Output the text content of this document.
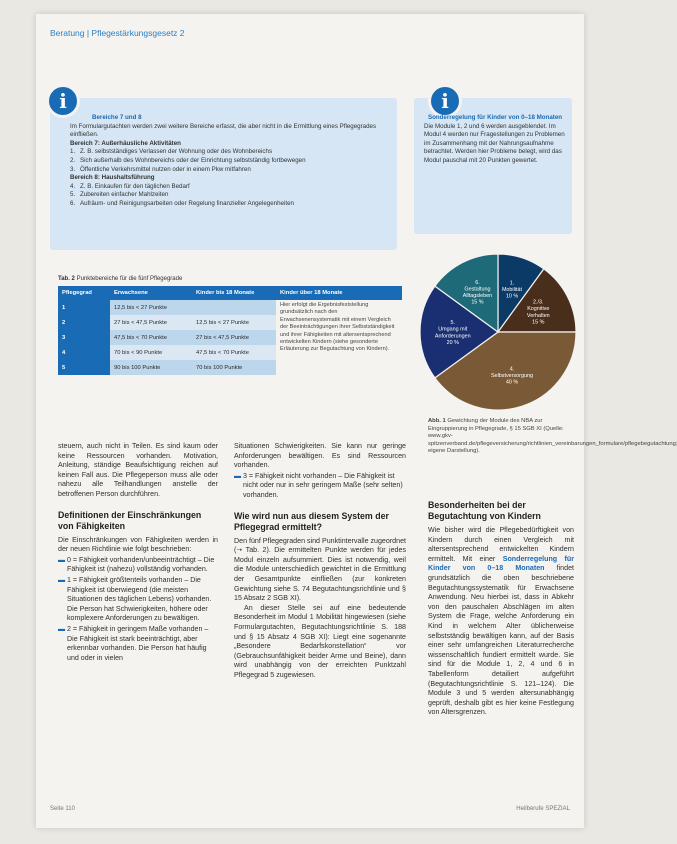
Beratung | Pflegestärkungsgesetz 2
i
Bereiche 7 und 8
Im Formulargutachten werden zwei weitere Bereiche erfasst, die aber nicht in die Ermittlung eines Pflegegrades einfließen.
Bereich 7: Außerhäusliche Aktivitäten
1. Z. B. selbstständiges Verlassen der Wohnung oder des Wohnbereichs
2. Sich außerhalb des Wohnbereichs oder der Einrichtung selbstständig fortbewegen
3. Öffentliche Verkehrsmittel nutzen oder in einem Pkw mitfahren
Bereich 8: Haushaltsführung
4. Z. B. Einkaufen für den täglichen Bedarf
5. Zubereiten einfacher Mahlzeiten
6. Aufräum- und Reinigungsarbeiten oder Regelung finanzieller Angelegenheiten
i
Sonderregelung für Kinder von 0–18 Monaten
Die Module 1, 2 und 6 werden ausgeblendet. Im Modul 4 werden nur Fragestellungen zu Problemen im Zusammenhang mit der Nahrungsaufnahme betrachtet. Werden hier Probleme belegt, wird das Modul pauschal mit 20 Punkten gewertet.
Tab. 2 Punktebereiche für die fünf Pflegegrade
Pflegegrad	Erwachsene	Kinder bis 18 Monate	Kinder über 18 Monate
1	12,5 bis < 27 Punkte		Hier erfolgt die Ergebnisfeststellung grundsätzlich nach den Erwachsenensystematik mit einem Vergleich der Beeinträchtigungen ihrer Selbstständigkeit und ihrer Fähigkeiten mit altersentsprechend entwickelten Kindern (siehe gesonderte Erläuterung zur Begutachtung von Kindern).
2	27 bis < 47,5 Punkte	12,5 bis < 27 Punkte	
3	47,5 bis < 70 Punkte	27 bis < 47,5 Punkte	
4	70 bis < 90 Punkte	47,5 bis < 70 Punkte	
5	90 bis 100 Punkte	70 bis 100 Punkte	
1. Mobilität 10 %
2./3. Kognitive Verhalten 15 %
4. Selbstversorgung 40 %
5. Umgang mit Anforderungen 20 %
6. Gestaltung Alltagsleben 15 %
Abb. 1 Gewichtung der Module des NBA zur Eingruppierung in Pflegegrade, § 15 SGB XI (Quelle: www.gkv-spitzenverband.de/pflegeversicherung/richtlinien_vereinbarungen_formulare/pflegebegutachtung; eigene Darstellung).

steuern, auch nicht in Teilen. Es sind kaum oder keine Ressourcen vorhanden. Motivation, Anleitung, ständige Beaufsichtigung reichen auf keinen Fall aus. Die Pflegeperson muss alle oder nahezu alle Teilhandlungen anstelle der betroffenen Person durchführen.

Definitionen der Einschränkungen von Fähigkeiten

Die Einschränkungen von Fähigkeiten werden in der neuen Richtlinie wie folgt beschrieben:

▬ 0 = Fähigkeit vorhanden/unbeeinträchtigt – Die Fähigkeit ist (nahezu) vollständig vorhanden.
▬ 1 = Fähigkeit größtenteils vorhanden – Die Fähigkeit ist überwiegend (die meisten Situationen des täglichen Lebens) vorhanden. Die Person hat Schwierigkeiten, höhere oder komplexere Anforderungen zu bewältigen.
▬ 2 = Fähigkeit in geringem Maße vorhanden – Die Fähigkeit ist stark beeinträchtigt, aber erkennbar vorhanden. Die Person hat häufig und oder in vielen

Situationen Schwierigkeiten. Sie kann nur geringe Anforderungen bewältigen. Es sind Ressourcen vorhanden.

▬ 3 = Fähigkeit nicht vorhanden – Die Fähigkeit ist nicht oder nur in sehr geringem Maße (sehr selten) vorhanden.
Wie wird nun aus diesem System der Pflegegrad ermittelt?

Den fünf Pflegegraden sind Punktintervalle zugeordnet (➝ Tab. 2). Die ermittelten Punkte werden für jedes Modul einzeln aufsummiert. Dies ist notwendig, weil die Module unterschiedlich gewichtet in die Ermittlung der Gesamtpunkte einfließen (zur konkreten Gewichtung siehe S. 74 Begutachtungsrichtlinie und § 15 Absatz 2 SGB XI).

An dieser Stelle sei auf eine bedeutende Besonderheit im Modul 1 Mobilität hingewiesen (siehe Formulargutachten, Begutachtungsrichtlinie S. 188 und § 15 Absatz 4 SGB XI): Liegt eine sogenannte „Besondere Bedarfskonstellation“ vor (Gebrauchsunfähigkeit beider Arme und Beine), dann wird unabhängig von der erreichten Punktzahl Pflegegrad 5 zugewiesen.

Besonderheiten bei der Begutachtung von Kindern

Wie bisher wird die Pflegebedürftigkeit von Kindern durch einen Vergleich mit altersentsprechend entwickelten Kindern ermittelt. Mit einer Sonderregelung für Kinder von 0–18 Monaten findet grundsätzlich die oben beschriebene Begutachtungssystematik für Erwachsene Anwendung. Neu hierbei ist, dass in Abkehr von den pauschalen Abschlägen im alten System die Frage, welche Anforderung ein Kind in welchem Alter üblicherweise selbstständig bewältigen kann, auf der Basis einer sehr umfangreichen Literaturrecherche wissenschaftlich fundiert ermittelt wurde. Sie sind für die Module 1, 2, 4 und 6 in Tabellenform detailiert aufgeführt (Begutachtungsrichtlinie S. 121–124). Die Module 3 und 5 werden altersunabhängig geprüft, deshalb gibt es hier keine Festlegung von Altersgrenzen.

Seite 110	Heilberufe SPEZIAL
